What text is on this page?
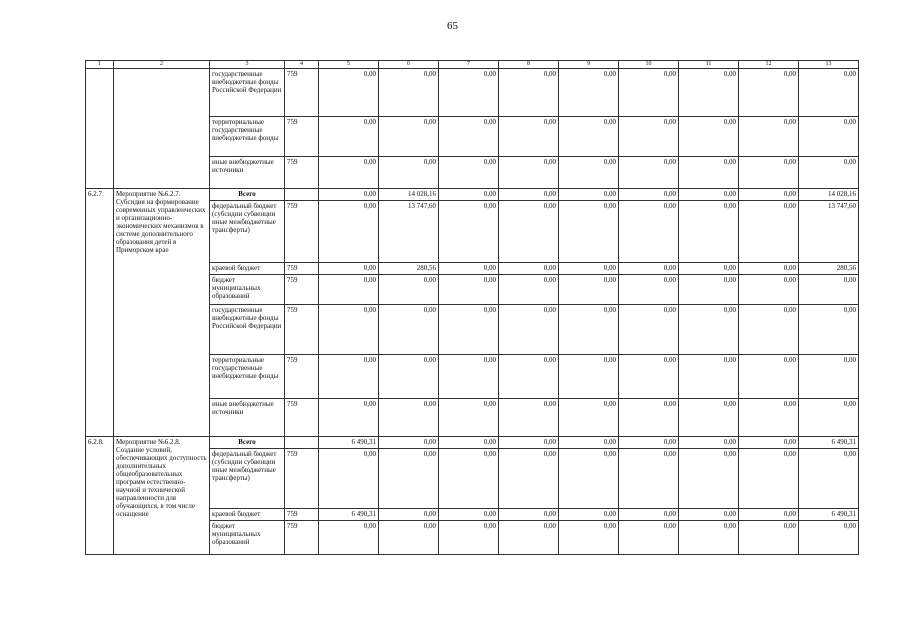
65
1	2	3	4	5	6	7	8	9	10	11	12	13
		государственные внебюджетные фонды Российской Федерации	759	0,00	0,00	0,00	0,00	0,00	0,00	0,00	0,00	0,00
		территориальные государственные внебюджетные фонды	759	0,00	0,00	0,00	0,00	0,00	0,00	0,00	0,00	0,00
		иные внебюджетные источники	759	0,00	0,00	0,00	0,00	0,00	0,00	0,00	0,00	0,00
6.2.7.	Мероприятие №6.2.7. Субсидия на формирование современных управленческих и организационно-экономических механизмов в системе дополнительного образования детей в Приморском крае	Всего		0,00	14 028,16	0,00	0,00	0,00	0,00	0,00	0,00	14 028,16
		федеральный бюджет (субсидии субвенции иные межбюджетные трансферты)	759	0,00	13 747,60	0,00	0,00	0,00	0,00	0,00	0,00	13 747,60
		краевой бюджет	759	0,00	280,56	0,00	0,00	0,00	0,00	0,00	0,00	280,56
		бюджет муниципальных образований	759	0,00	0,00	0,00	0,00	0,00	0,00	0,00	0,00	0,00
		государственные внебюджетные фонды Российской Федерации	759	0,00	0,00	0,00	0,00	0,00	0,00	0,00	0,00	0,00
		территориальные государственные внебюджетные фонды	759	0,00	0,00	0,00	0,00	0,00	0,00	0,00	0,00	0,00
		иные внебюджетные источники	759	0,00	0,00	0,00	0,00	0,00	0,00	0,00	0,00	0,00
6.2.8.	Мероприятие №6.2.8. Создание условий, обеспечивающих доступность дополнительных общеобразовательных программ естественно-научной и технической направленности для обучающихся, в том числе оснащение	Всего		6 490,31	0,00	0,00	0,00	0,00	0,00	0,00	0,00	6 490,31
		федеральный бюджет (субсидии субвенции иные межбюджетные трансферты)	759	0,00	0,00	0,00	0,00	0,00	0,00	0,00	0,00	0,00
		краевой бюджет	759	6 490,31	0,00	0,00	0,00	0,00	0,00	0,00	0,00	6 490,31
		бюджет муниципальных образований	759	0,00	0,00	0,00	0,00	0,00	0,00	0,00	0,00	0,00
